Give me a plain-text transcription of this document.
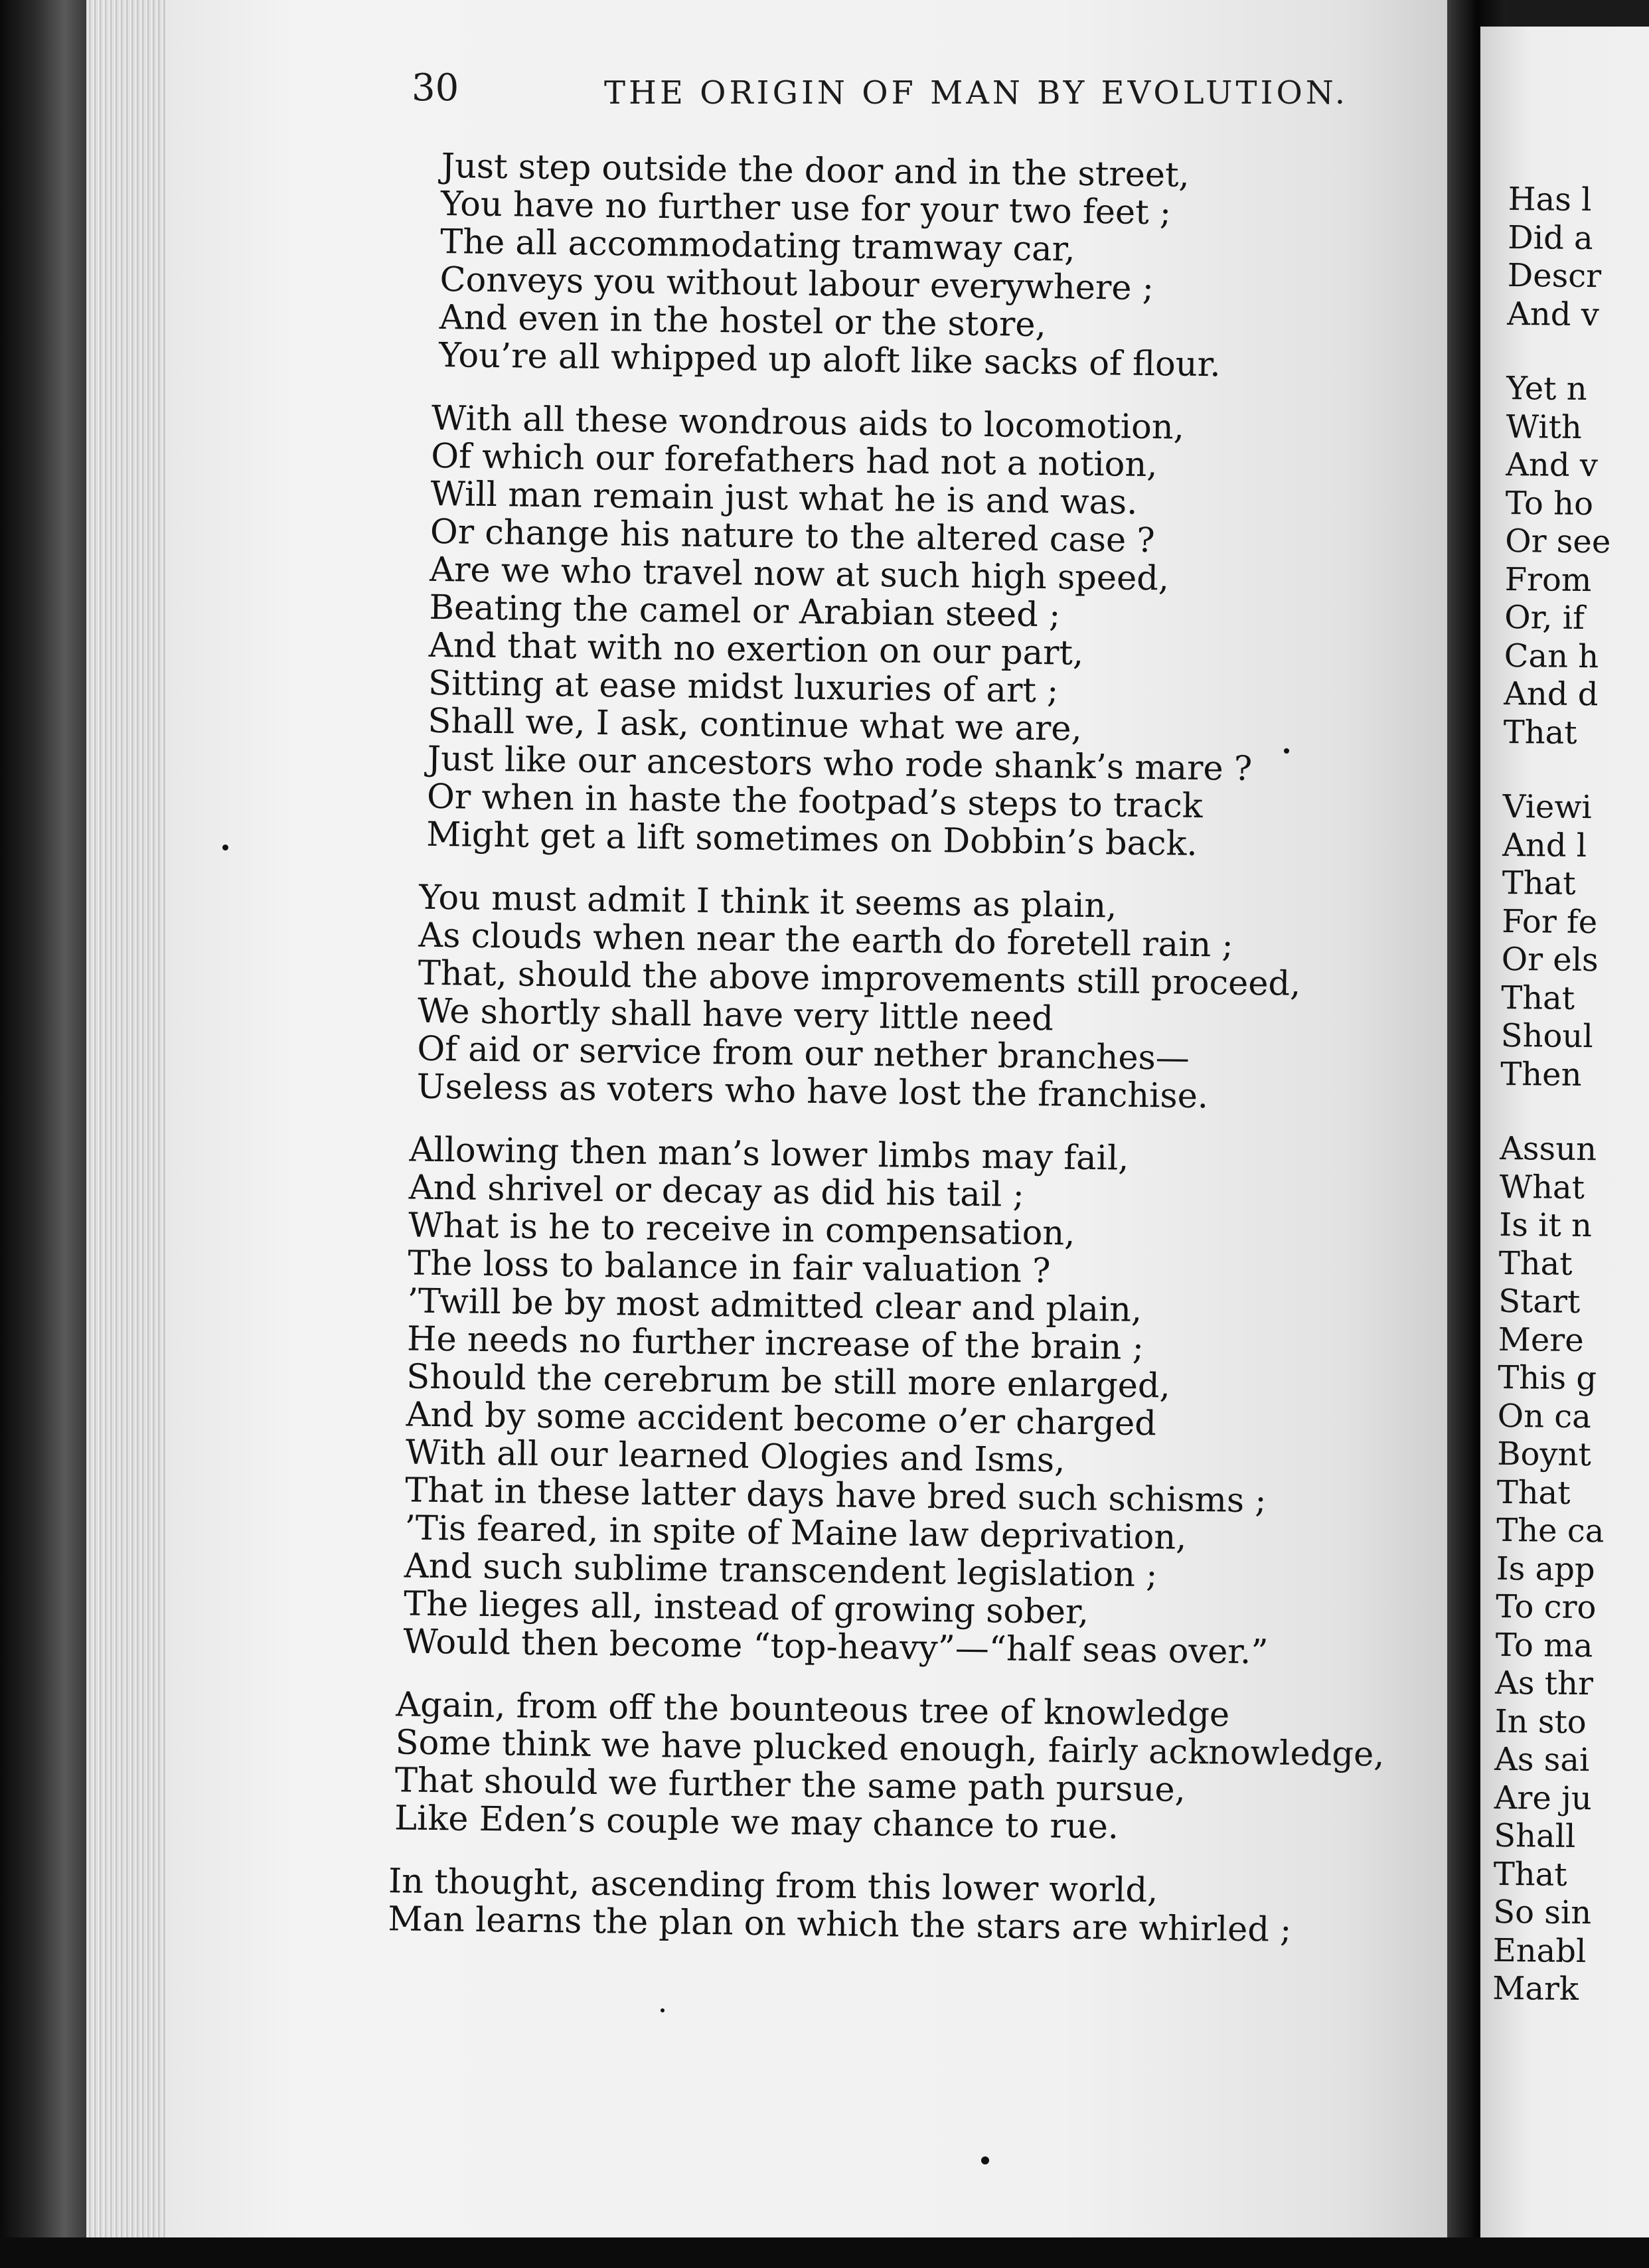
30	THE ORIGIN OF MAN BY EVOLUTION.
Just step outside the door and in the street,
You have no further use for your two feet ;
The all accommodating tramway car,
Conveys you without labour everywhere ;
And even in the hostel or the store,
You’re all whipped up aloft like sacks of flour.
With all these wondrous aids to locomotion,
Of which our forefathers had not a notion,
Will man remain just what he is and was.
Or change his nature to the altered case ?
Are we who travel now at such high speed,
Beating the camel or Arabian steed ;
And that with no exertion on our part,
Sitting at ease midst luxuries of art ;
Shall we, I ask, continue what we are,
Just like our ancestors who rode shank’s mare ?
Or when in haste the footpad’s steps to track
Might get a lift sometimes on Dobbin’s back.
You must admit I think it seems as plain,
As clouds when near the earth do foretell rain ;
That, should the above improvements still proceed,
We shortly shall have very little need
Of aid or service from our nether branches—
Useless as voters who have lost the franchise.
Allowing then man’s lower limbs may fail,
And shrivel or decay as did his tail ;
What is he to receive in compensation,
The loss to balance in fair valuation ?
’Twill be by most admitted clear and plain,
He needs no further increase of the brain ;
Should the cerebrum be still more enlarged,
And by some accident become o’er charged
With all our learned Ologies and Isms,
That in these latter days have bred such schisms ;
’Tis feared, in spite of Maine law deprivation,
And such sublime transcendent legislation ;
The lieges all, instead of growing sober,
Would then become “top-heavy”—“half seas over.”
Again, from off the bounteous tree of knowledge
Some think we have plucked enough, fairly acknowledge,
That should we further the same path pursue,
Like Eden’s couple we may chance to rue.
In thought, ascending from this lower world,
Man learns the plan on which the stars are whirled ;
Has l
Did a
Descr
And v
Yet n
With
And v
To ho
Or see
From
Or, if
Can h
And d
That
Viewi
And l
That
For fe
Or els
That
Shoul
Then
Assun
What
Is it n
That
Start
Mere
This g
On ca
Boynt
That
The ca
Is app
To cro
To ma
As thr
In sto
As sai
Are ju
Shall
That
So sin
Enabl
Mark
